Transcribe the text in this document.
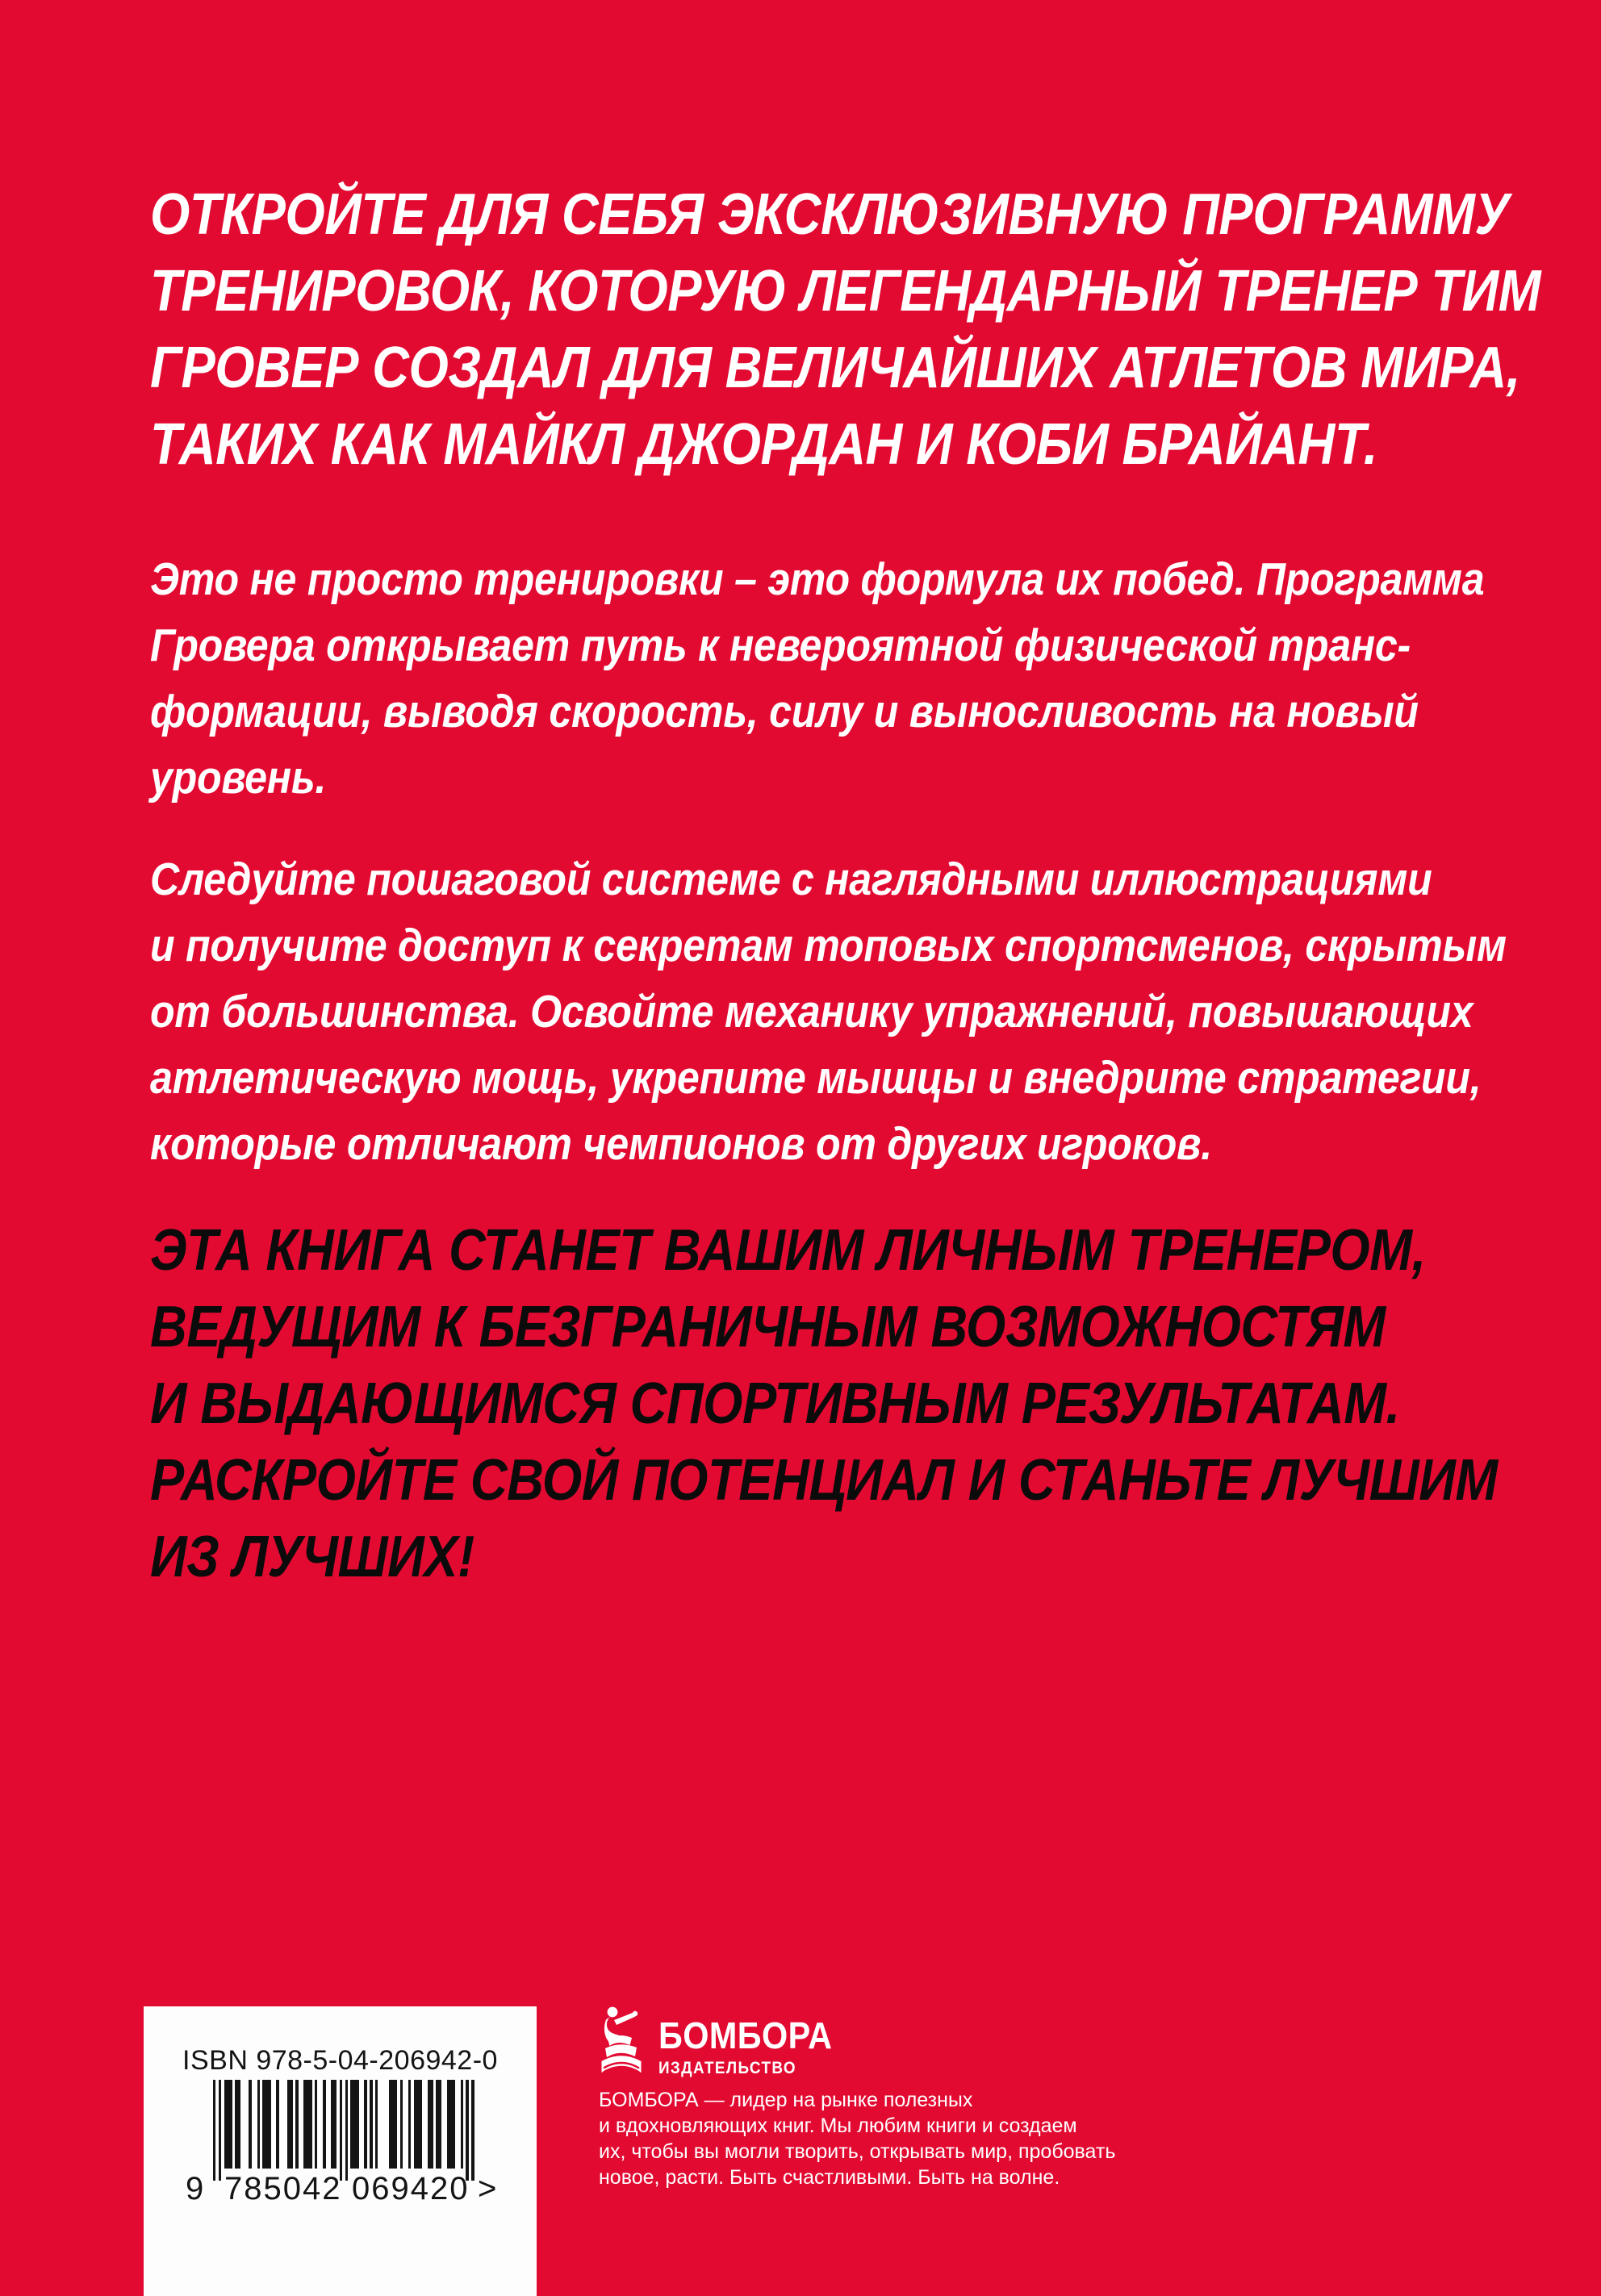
ОТКРОЙТЕ ДЛЯ СЕБЯ ЭКСКЛЮЗИВНУЮ ПРОГРАММУ
ТРЕНИРОВОК, КОТОРУЮ ЛЕГЕНДАРНЫЙ ТРЕНЕР ТИМ
ГРОВЕР СОЗДАЛ ДЛЯ ВЕЛИЧАЙШИХ АТЛЕТОВ МИРА,
ТАКИХ КАК МАЙКЛ ДЖОРДАН И КОБИ БРАЙАНТ.
Это не просто тренировки – это формула их побед. Программа
Гровера открывает путь к невероятной физической транс-
формации, выводя скорость, силу и выносливость на новый
уровень.
Следуйте пошаговой системе с наглядными иллюстрациями
и получите доступ к секретам топовых спортсменов, скрытым
от большинства. Освойте механику упражнений, повышающих
атлетическую мощь, укрепите мышцы и внедрите стратегии,
которые отличают чемпионов от других игроков.
ЭТА КНИГА СТАНЕТ ВАШИМ ЛИЧНЫМ ТРЕНЕРОМ,
ВЕДУЩИМ К БЕЗГРАНИЧНЫМ ВОЗМОЖНОСТЯМ
И ВЫДАЮЩИМСЯ СПОРТИВНЫМ РЕЗУЛЬТАТАМ.
РАСКРОЙТЕ СВОЙ ПОТЕНЦИАЛ И СТАНЬТЕ ЛУЧШИМ
ИЗ ЛУЧШИХ!
ISBN 978-5-04-206942-0
9 785042 069420 >
БОМБОРА
ИЗДАТЕЛЬСТВО
БОМБОРА — лидер на рынке полезных
и вдохновляющих книг. Мы любим книги и создаем
их, чтобы вы могли творить, открывать мир, пробовать
новое, расти. Быть счастливыми. Быть на волне.
